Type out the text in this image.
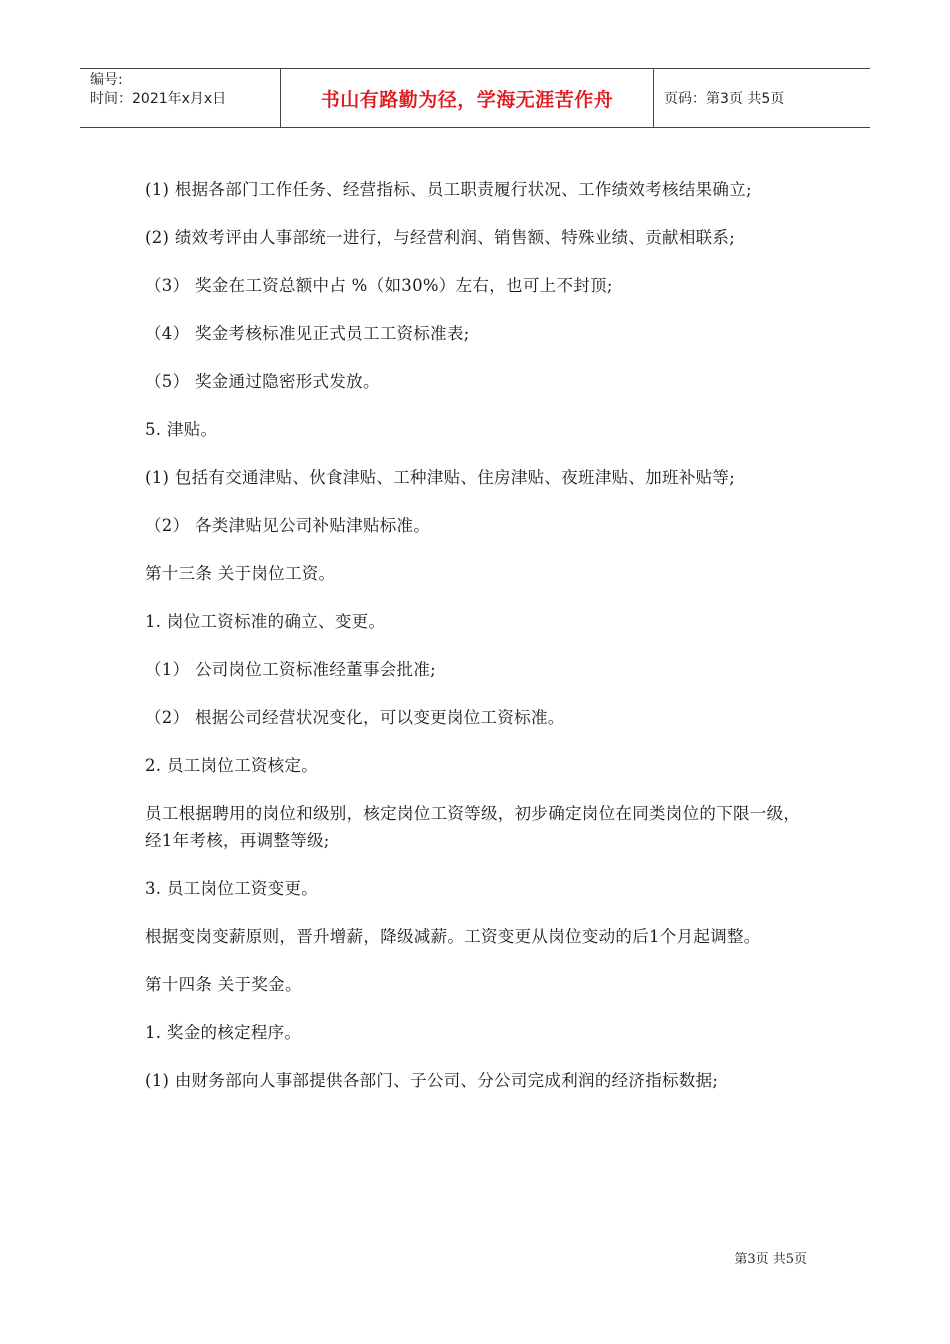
编号:
时间：2021年x月x日	书山有路勤为径，学海无涯苦作舟	页码：第3页 共5页

(1) 根据各部门工作任务、经营指标、员工职责履行状况、工作绩效考核结果确立;

(2) 绩效考评由人事部统一进行，与经营利润、销售额、特殊业绩、贡献相联系;

（3） 奖金在工资总额中占 %（如30%）左右，也可上不封顶;

（4） 奖金考核标准见正式员工工资标准表;

（5） 奖金通过隐密形式发放。

5. 津贴。

(1) 包括有交通津贴、伙食津贴、工种津贴、住房津贴、夜班津贴、加班补贴等;

（2） 各类津贴见公司补贴津贴标准。

第十三条 关于岗位工资。

1. 岗位工资标准的确立、变更。

（1） 公司岗位工资标准经董事会批准;

（2） 根据公司经营状况变化，可以变更岗位工资标准。

2. 员工岗位工资核定。

员工根据聘用的岗位和级别，核定岗位工资等级，初步确定岗位在同类岗位的下限一级，经1年考核，再调整等级;

3. 员工岗位工资变更。

根据变岗变薪原则，晋升增薪，降级减薪。工资变更从岗位变动的后1个月起调整。

第十四条 关于奖金。

1. 奖金的核定程序。

(1) 由财务部向人事部提供各部门、子公司、分公司完成利润的经济指标数据;

第3页 共5页
